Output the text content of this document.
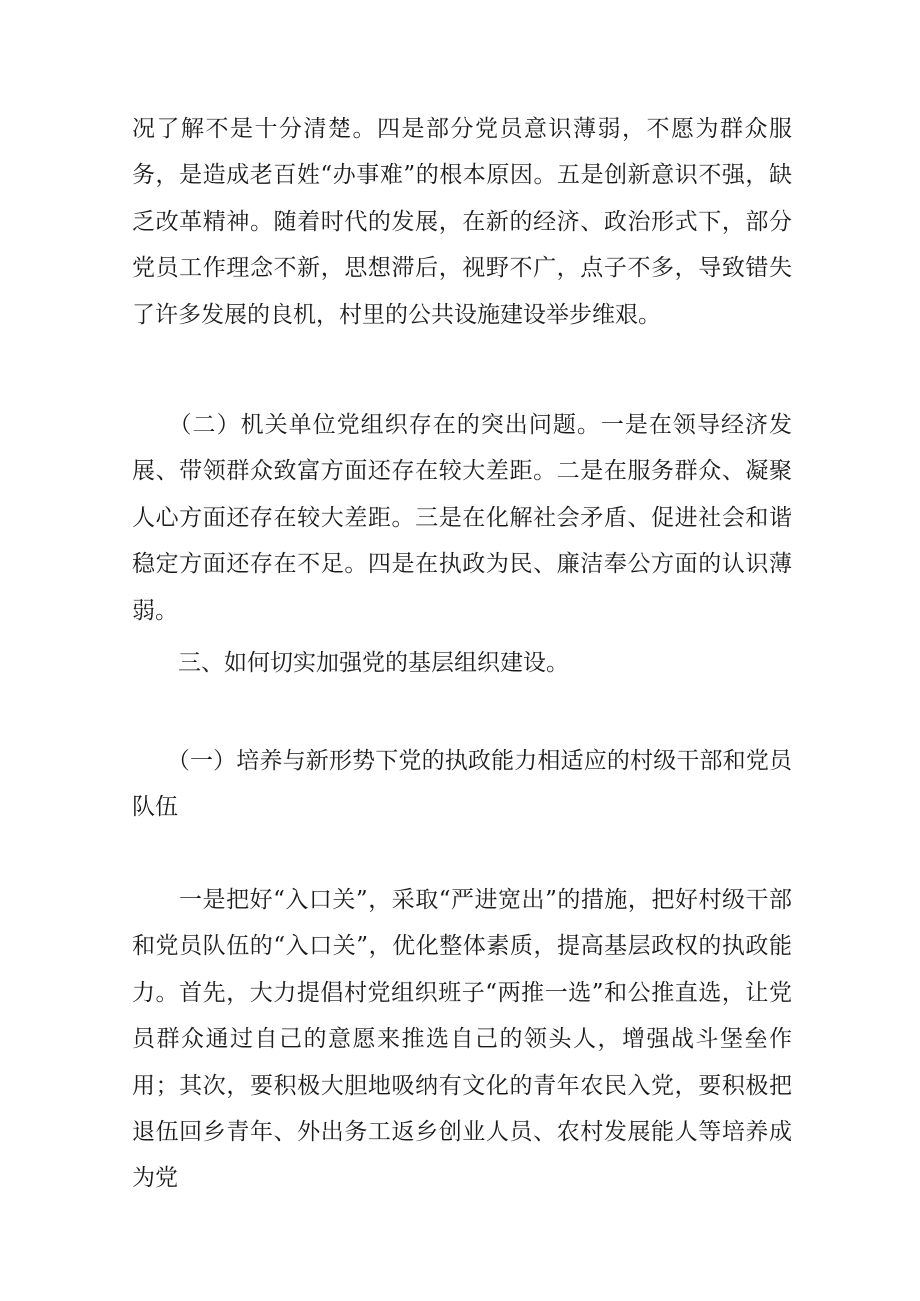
况了解不是十分清楚。四是部分党员意识薄弱，不愿为群众服务，是造成老百姓“办事难”的根本原因。五是创新意识不强，缺乏改革精神。随着时代的发展，在新的经济、政治形式下，部分党员工作理念不新，思想滞后，视野不广，点子不多，导致错失了许多发展的良机，村里的公共设施建设举步维艰。

　　（二）机关单位党组织存在的突出问题。一是在领导经济发展、带领群众致富方面还存在较大差距。二是在服务群众、凝聚人心方面还存在较大差距。三是在化解社会矛盾、促进社会和谐稳定方面还存在不足。四是在执政为民、廉洁奉公方面的认识薄弱。

　　三、如何切实加强党的基层组织建设。

　　（一）培养与新形势下党的执政能力相适应的村级干部和党员队伍

　　一是把好“入口关”，采取“严进宽出”的措施，把好村级干部和党员队伍的“入口关”，优化整体素质，提高基层政权的执政能力。首先，大力提倡村党组织班子“两推一选”和公推直选，让党员群众通过自己的意愿来推选自己的领头人，增强战斗堡垒作用；其次，要积极大胆地吸纳有文化的青年农民入党，要积极把退伍回乡青年、外出务工返乡创业人员、农村发展能人等培养成为党
